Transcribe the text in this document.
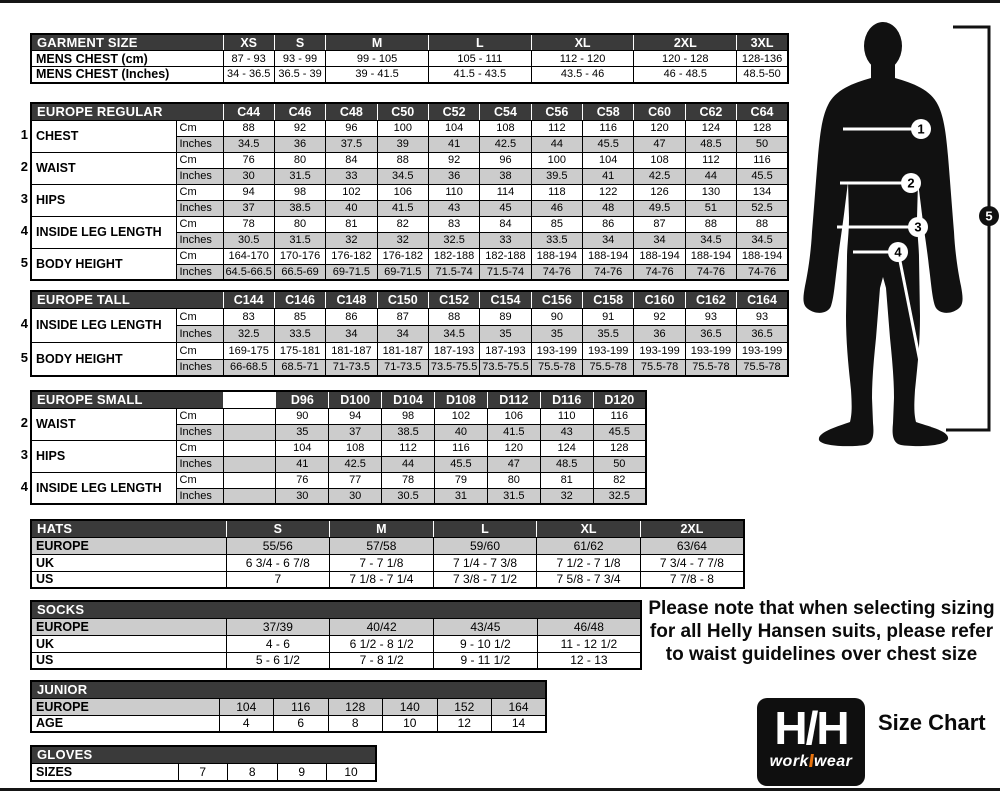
GARMENT SIZE	XS	S	M	L	XL	2XL	3XL
MENS CHEST (cm)	87 - 93	93 - 99	99 - 105	105 - 111	112 - 120	120 - 128	128-136
MENS CHEST (Inches)	34 - 36.5	36.5 - 39	39 - 41.5	41.5 - 43.5	43.5 - 46	46 - 48.5	48.5-50
1
2
3
4
5
EUROPE REGULAR		C44	C46	C48	C50	C52	C54	C56	C58	C60	C62	C64
CHEST	Cm	88	92	96	100	104	108	112	116	120	124	128
	Inches	34.5	36	37.5	39	41	42.5	44	45.5	47	48.5	50
WAIST	Cm	76	80	84	88	92	96	100	104	108	112	116
	Inches	30	31.5	33	34.5	36	38	39.5	41	42.5	44	45.5
HIPS	Cm	94	98	102	106	110	114	118	122	126	130	134
	Inches	37	38.5	40	41.5	43	45	46	48	49.5	51	52.5
INSIDE LEG LENGTH	Cm	78	80	81	82	83	84	85	86	87	88	88
	Inches	30.5	31.5	32	32	32.5	33	33.5	34	34	34.5	34.5
BODY HEIGHT	Cm	164-170	170-176	176-182	176-182	182-188	182-188	188-194	188-194	188-194	188-194	188-194
	Inches	64.5-66.5	66.5-69	69-71.5	69-71.5	71.5-74	71.5-74	74-76	74-76	74-76	74-76	74-76
4
5
EUROPE TALL		C144	C146	C148	C150	C152	C154	C156	C158	C160	C162	C164
INSIDE LEG LENGTH	Cm	83	85	86	87	88	89	90	91	92	93	93
	Inches	32.5	33.5	34	34	34.5	35	35	35.5	36	36.5	36.5
BODY HEIGHT	Cm	169-175	175-181	181-187	181-187	187-193	187-193	193-199	193-199	193-199	193-199	193-199
	Inches	66-68.5	68.5-71	71-73.5	71-73.5	73.5-75.5	73.5-75.5	75.5-78	75.5-78	75.5-78	75.5-78	75.5-78
2
3
4
EUROPE SMALL			D96	D100	D104	D108	D112	D116	D120
WAIST	Cm		90	94	98	102	106	110	116
	Inches		35	37	38.5	40	41.5	43	45.5
HIPS	Cm		104	108	112	116	120	124	128
	Inches		41	42.5	44	45.5	47	48.5	50
INSIDE LEG LENGTH	Cm		76	77	78	79	80	81	82
	Inches		30	30	30.5	31	31.5	32	32.5
HATS	S	M	L	XL	2XL
EUROPE	55/56	57/58	59/60	61/62	63/64
UK	6 3/4 - 6 7/8	7 - 7 1/8	7 1/4 - 7 3/8	7 1/2 - 7 1/8	7 3/4 - 7 7/8
US	7	7 1/8 - 7 1/4	7 3/8 - 7 1/2	7 5/8 - 7 3/4	7 7/8 - 8
SOCKS				
EUROPE	37/39	40/42	43/45	46/48
UK	4 - 6	6 1/2 - 8 1/2	9 - 10 1/2	11 - 12 1/2
US	5 - 6 1/2	7 - 8 1/2	9 - 11 1/2	12 - 13
JUNIOR						
EUROPE	104	116	128	140	152	164
AGE	4	6	8	10	12	14
GLOVES
SIZES	7	8	9	10
Please note that when selecting sizing for all Helly Hansen suits, please refer to waist guidelines over chest size
H/H
work wear
Size Chart
1
2
3
4
5
